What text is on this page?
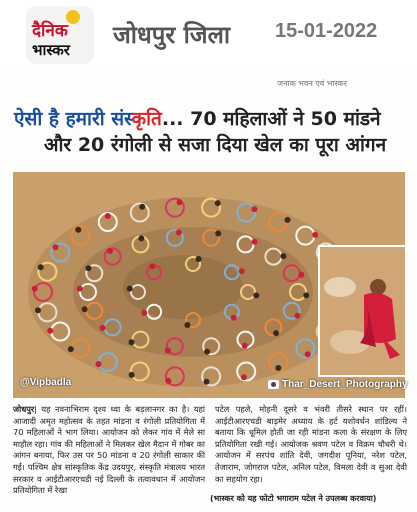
दैनिक
भास्कर
जोधपुर जिला 15-01-2022
जनाक भवन एवं भास्कर
ऐसी है हमारी संस्कृति... 70 महिलाओं ने 50 मांडने
और 20 रंगोली से सजा दिया खेल का पूरा आंगन
@Vipbadla	Thar_Desert_Photography
जोधपुर| यह नवनाभिराम दृश्य ध्वा के बड़लानगर का है। यहां आजादी अमृत महोत्सव के तहत मांडना व रंगोली प्रतियोगिता में 70 महिलाओं ने भाग लिया। आयोजन को लेकर गांव में मेले सा माहौल रहा। गांव की महिलाओं ने मिलकर खेल मैदान में गोबर का आंगन बनाया, फिर उस पर 50 मांडना व 20 रंगोली साकार की गईं। पश्चिम क्षेत्र सांस्कृतिक केंद्र उदयपुर, संस्कृति मंत्रालय भारत सरकार व आईटीआरएचडी नई दिल्ली के तत्वावधान में आयोजन प्रतियोगिता में रेखा
पटेल पहले, मोहनी दूसरे व भंवरी तीसरे स्थान पर रहीं। आईटीआरएचडी बाड़मेर अध्याय के हर्ट यशोवर्धन शांडिल्य ने बताया कि धूमिल होती जा रही मांडना कला के संरक्षण के लिए प्रतियोगिता रखी गई। आयोजक श्रवण पटेल व विक्रम चौधरी थे। आयोजन में सरपंच शांति देवी, जगदीश पूनिया, नरेश पटेल, तेजाराम, जोगराज पटेल, अनिल पटेल, विमला देवी व सुआ देवी का सहयोग रहा।
(भास्कर को यह फोटो भगाराम पटेल ने उपलब्ध करवाया)
